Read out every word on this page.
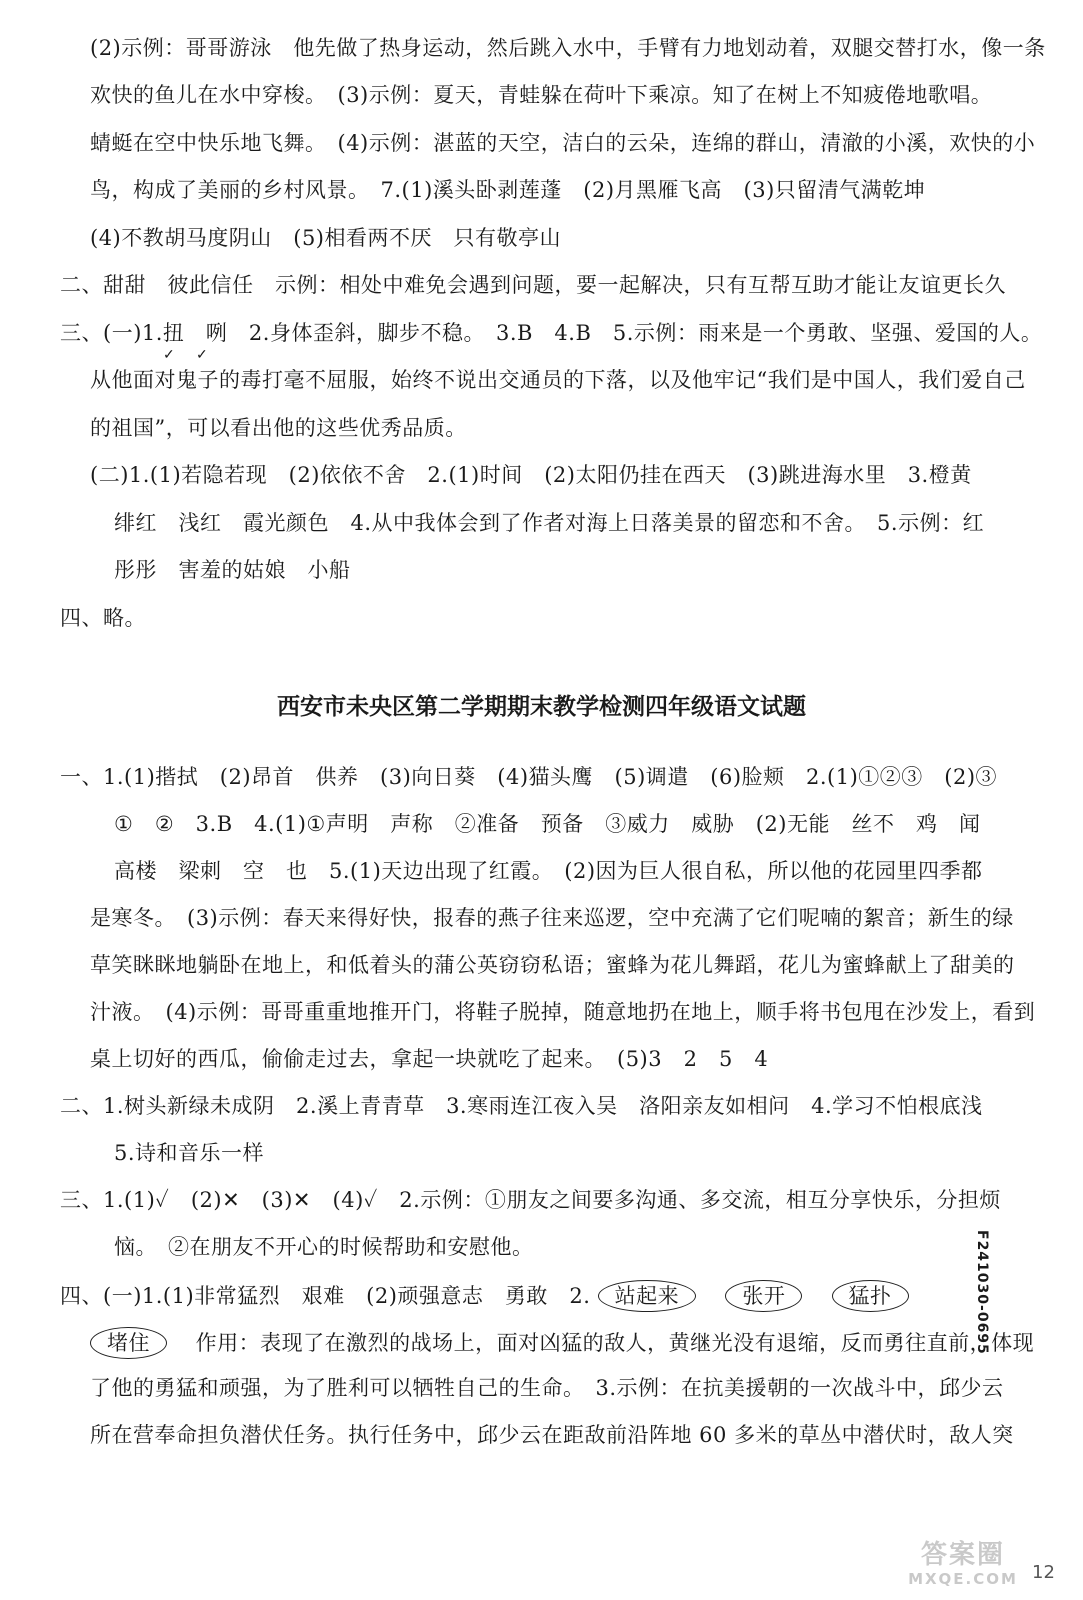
(2)示例：哥哥游泳　他先做了热身运动，然后跳入水中，手臂有力地划动着，双腿交替打水，像一条
欢快的鱼儿在水中穿梭。　(3)示例：夏天，青蛙躲在荷叶下乘凉。知了在树上不知疲倦地歌唱。
蜻蜓在空中快乐地飞舞。　(4)示例：湛蓝的天空，洁白的云朵，连绵的群山，清澈的小溪，欢快的小
鸟，构成了美丽的乡村风景。　7.(1)溪头卧剥莲蓬　(2)月黑雁飞高　(3)只留清气满乾坤
(4)不教胡马度阴山　(5)相看两不厌　只有敬亭山
二、甜甜　彼此信任　示例：相处中难免会遇到问题，要一起解决，只有互帮互助才能让友谊更长久
三、(一)1.扭　咧　2.身体歪斜，脚步不稳。　3.B　4.B　5.示例：雨来是一个勇敢、坚强、爱国的人。
✓ ✓
从他面对鬼子的毒打毫不屈服，始终不说出交通员的下落，以及他牢记“我们是中国人，我们爱自己
的祖国”，可以看出他的这些优秀品质。
(二)1.(1)若隐若现　(2)依依不舍　2.(1)时间　(2)太阳仍挂在西天　(3)跳进海水里　3.橙黄
绯红　浅红　霞光颜色　4.从中我体会到了作者对海上日落美景的留恋和不舍。　5.示例：红
彤彤　害羞的姑娘　小船
四、略。
西安市未央区第二学期期末教学检测四年级语文试题
一、1.(1)揩拭　(2)昂首　供养　(3)向日葵　(4)猫头鹰　(5)调遣　(6)脸颊　2.(1)①②③　(2)③
①　②　3.B　4.(1)①声明　声称　②准备　预备　③威力　威胁　(2)无能　丝不　鸡　闻
高楼　梁刺　空　也　5.(1)天边出现了红霞。　(2)因为巨人很自私，所以他的花园里四季都
是寒冬。　(3)示例：春天来得好快，报春的燕子往来巡逻，空中充满了它们呢喃的絮音；新生的绿
草笑眯眯地躺卧在地上，和低着头的蒲公英窃窃私语；蜜蜂为花儿舞蹈，花儿为蜜蜂献上了甜美的
汁液。　(4)示例：哥哥重重地推开门，将鞋子脱掉，随意地扔在地上，顺手将书包甩在沙发上，看到
桌上切好的西瓜，偷偷走过去，拿起一块就吃了起来。　(5)3　2　5　4
二、1.树头新绿未成阴　2.溪上青青草　3.寒雨连江夜入吴　洛阳亲友如相问　4.学习不怕根底浅
5.诗和音乐一样
三、1.(1)✓　(2)✕　(3)✕　(4)✓　2.示例：①朋友之间要多沟通、多交流，相互分享快乐，分担烦
恼。　②在朋友不开心的时候帮助和安慰他。
四、(一)1.(1)非常猛烈　艰难　(2)顽强意志　勇敢　2. 站起来	张开	猛扑
堵住 　作用：表现了在激烈的战场上，面对凶猛的敌人，黄继光没有退缩，反而勇往直前，体现
了他的勇猛和顽强，为了胜利可以牺牲自己的生命。　3.示例：在抗美援朝的一次战斗中，邱少云
所在营奉命担负潜伏任务。执行任务中，邱少云在距敌前沿阵地 60 多米的草丛中潜伏时，敌人突
F241030-0695
答案圈
MXQE.COM 12
